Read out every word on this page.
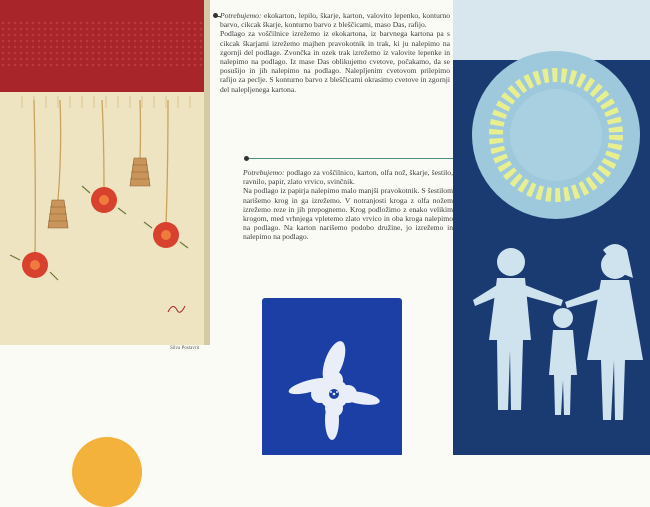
Silva Postavrit
Potrebujemo: ekokarton, lepilo, škarje, karton, valovito lepenko, konturno barvo, cikcak škarje, konturno barvo z bleščicami, maso Das, rafijo.
Podlago za voščilnice izrežemo iz ekokartona, iz barvnega kartona pa s cikcak škarjami izrežemo majhen pravokotnik in trak, ki ju nalepimo na zgornji del podlage. Zvončka in ozek trak izrežemo iz valovite lepenke in nalepimo na podlago. Iz mase Das oblikujemo cvetove, počakamo, da se posušijo in jih nalepimo na podlago. Nalepljenim cvetovom prilepimo rafijo za peclje. S konturno barvo z bleščicami okrasimo cvetove in zgornji del nalepljenega kartona.
Potrebujemo: podlago za voščilnico, karton, olfa nož, škarje, šestilo, ravnilo, papir, zlato vrvico, svinčnik.
Na podlago iz papirja nalepimo malo manjši pravokotnik. S šestilom narišemo krog in ga izrežemo. V notranjosti kroga z olfa nožem izrežemo reze in jih prepognemo. Krog podložimo z enako velikim krogom, med vrhnjega vpletemo zlato vrvico in oba kroga nalepimo na podlago. Na karton narišemo podobo družine, jo izrežemo in nalepimo na podlago.
